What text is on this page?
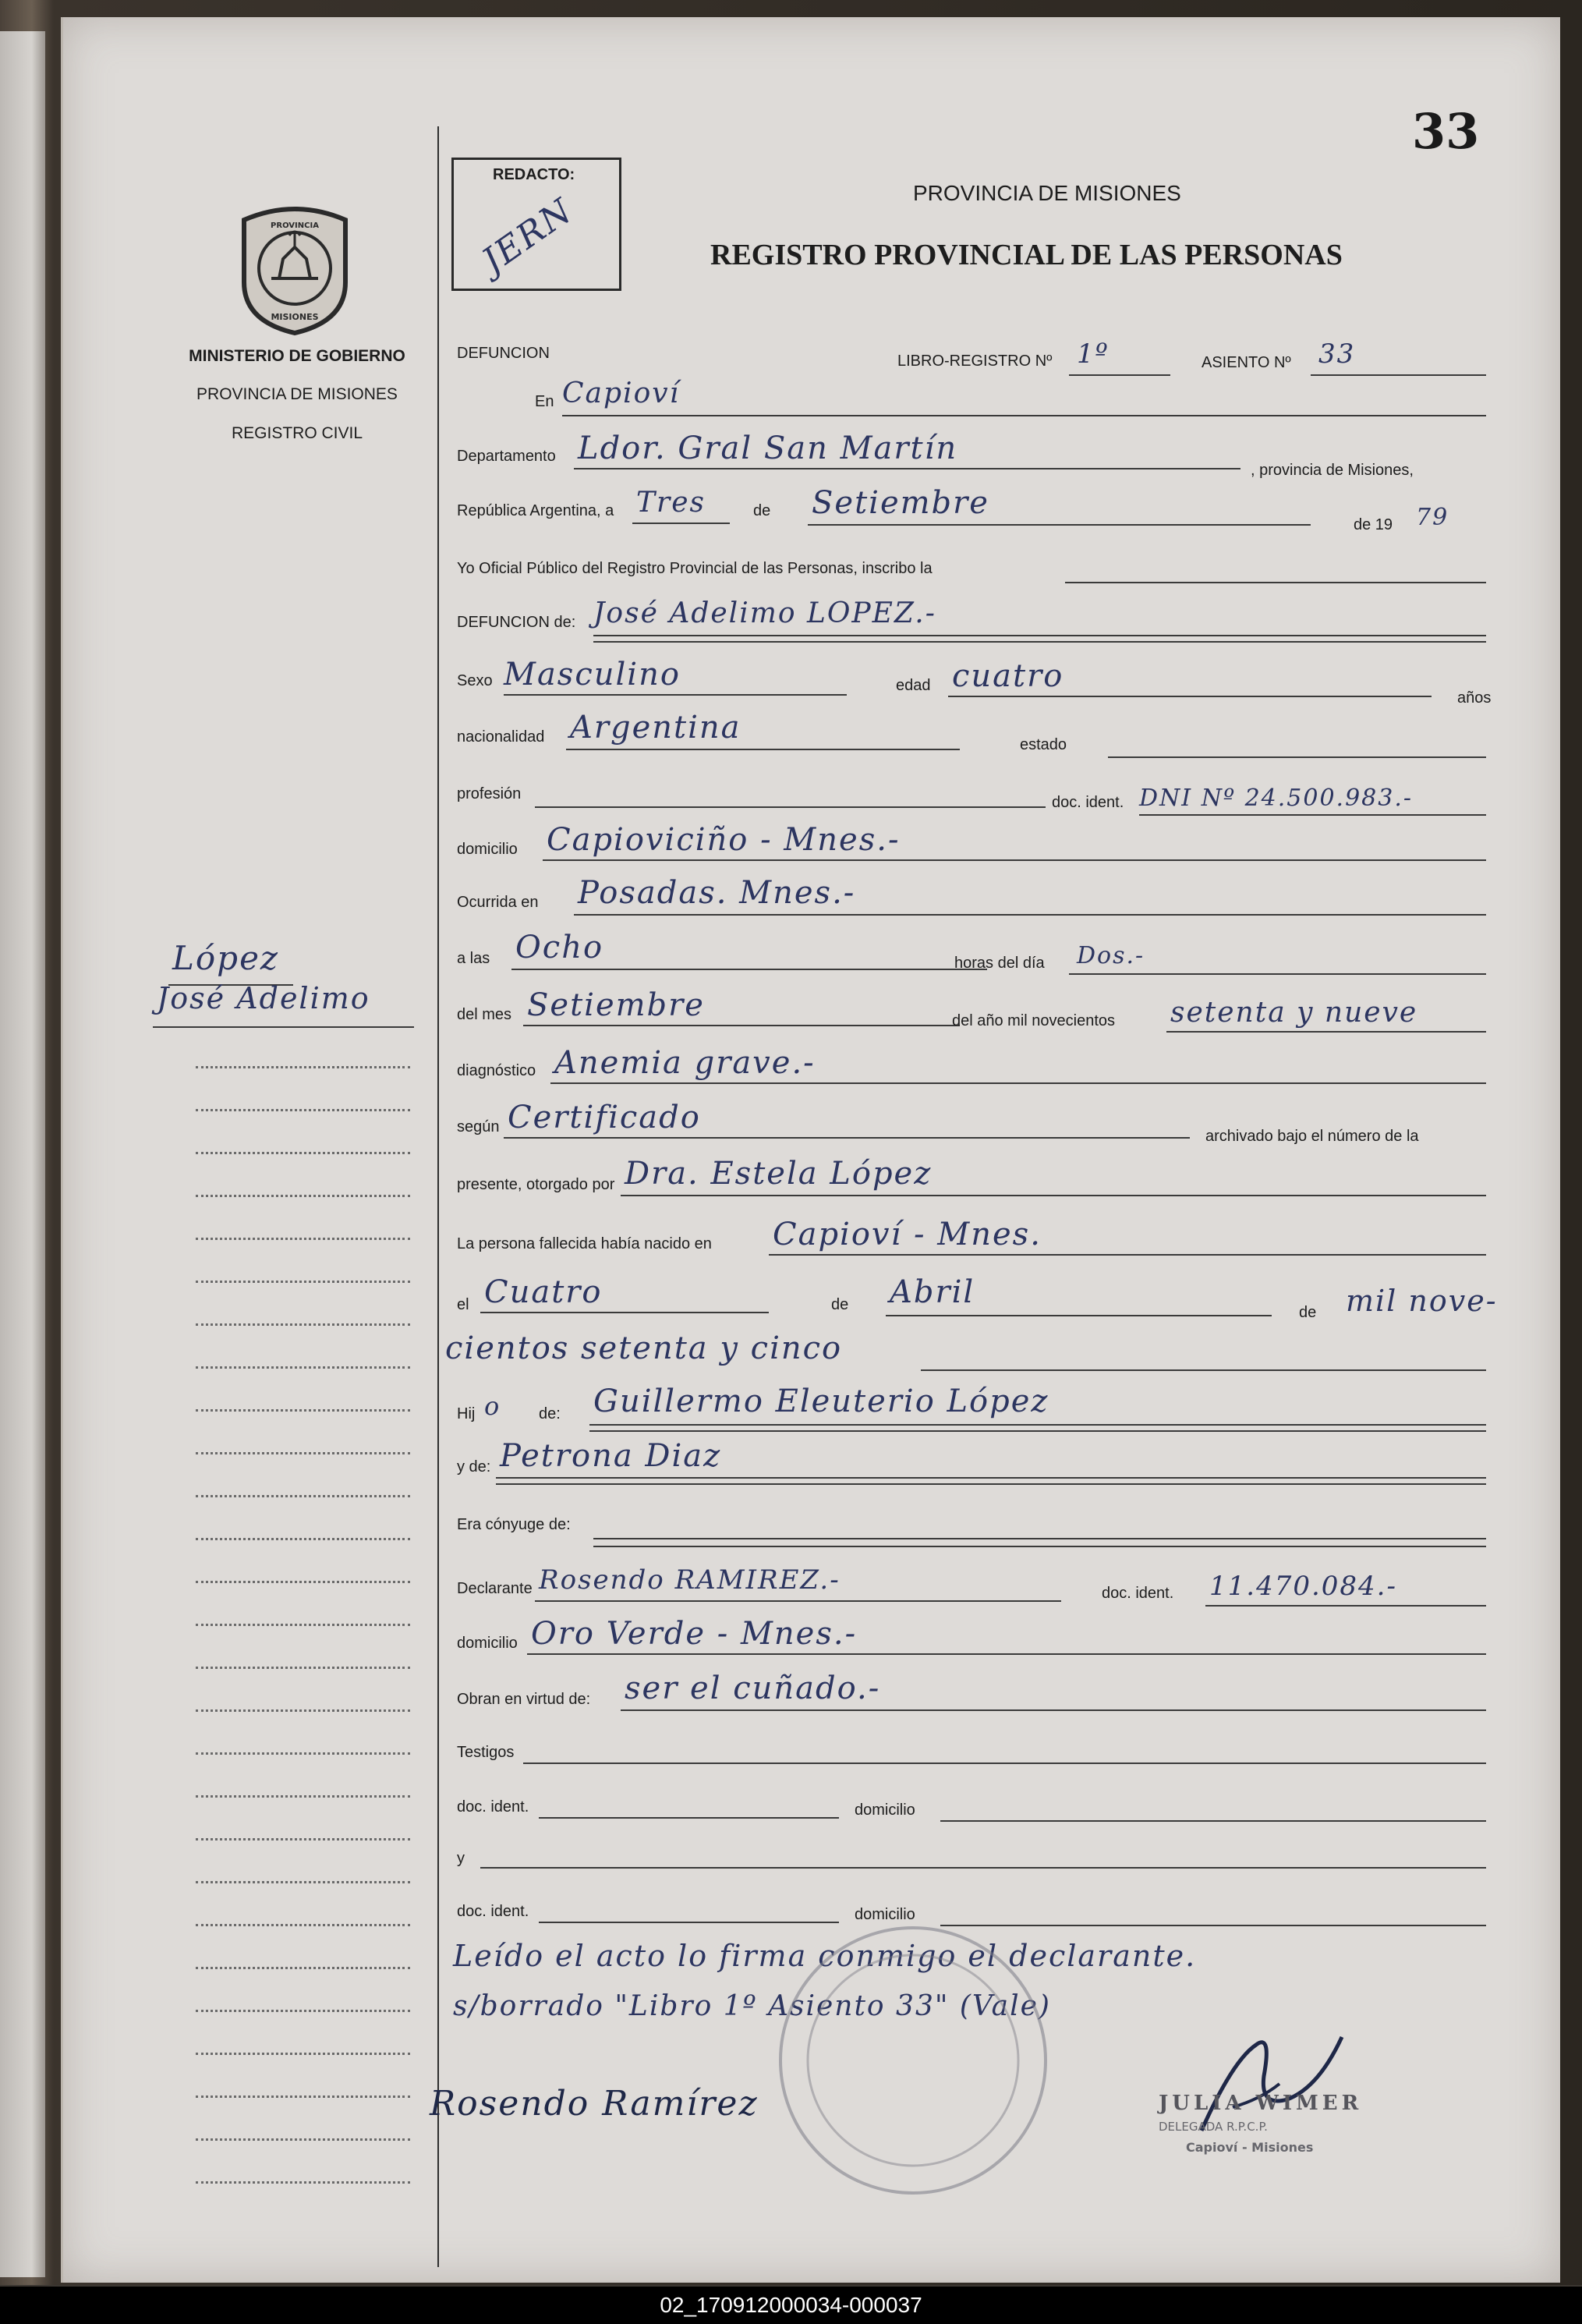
33
REDACTO:
JERN	PROVINCIA DE MISIONES
REGISTRO PROVINCIAL DE LAS PERSONAS
PROVINCIA
MISIONES
MINISTERIO DE GOBIERNO
PROVINCIA DE MISIONES
REGISTRO CIVIL
López
José Adelimo
DEFUNCION	LIBRO-REGISTRO Nº 1º	ASIENTO Nº 33
En Capioví
Departamento Ldor. Gral San Martín
, provincia de Misiones,
República Argentina, a Tres	de Setiembre
de 19 79
Yo Oficial Público del Registro Provincial de las Personas, inscribo la
DEFUNCION de: José Adelimo LOPEZ.-
Sexo Masculino	edad cuatro
años
nacionalidad Argentina	estado
profesión	doc. ident. DNI Nº 24.500.983.-
domicilio Capioviciño - Mnes.-
Ocurrida en Posadas. Mnes.-
a las Ocho	horas del día Dos.-
del mes Setiembre	del año mil novecientos setenta y nueve
diagnóstico Anemia grave.-
según Certificado
archivado bajo el número de la
presente, otorgado por Dra. Estela López
La persona fallecida había nacido en Capioví - Mnes.
el Cuatro	de Abril
de mil nove-
cientos setenta y cinco
Hij o de: Guillermo Eleuterio López
y de: Petrona Diaz
Era cónyuge de:
Declarante Rosendo RAMIREZ.-	doc. ident. 11.470.084.-
domicilio Oro Verde - Mnes.-
Obran en virtud de: ser el cuñado.-
Testigos
doc. ident.	domicilio
y
doc. ident.	domicilio
Leído el acto lo firma conmigo el declarante.
s/borrado "Libro 1º Asiento 33" (Vale)
Rosendo Ramírez	JULIA WIMER
DELEGADA R.P.C.P.
Capioví - Misiones
02_170912000034-000037
